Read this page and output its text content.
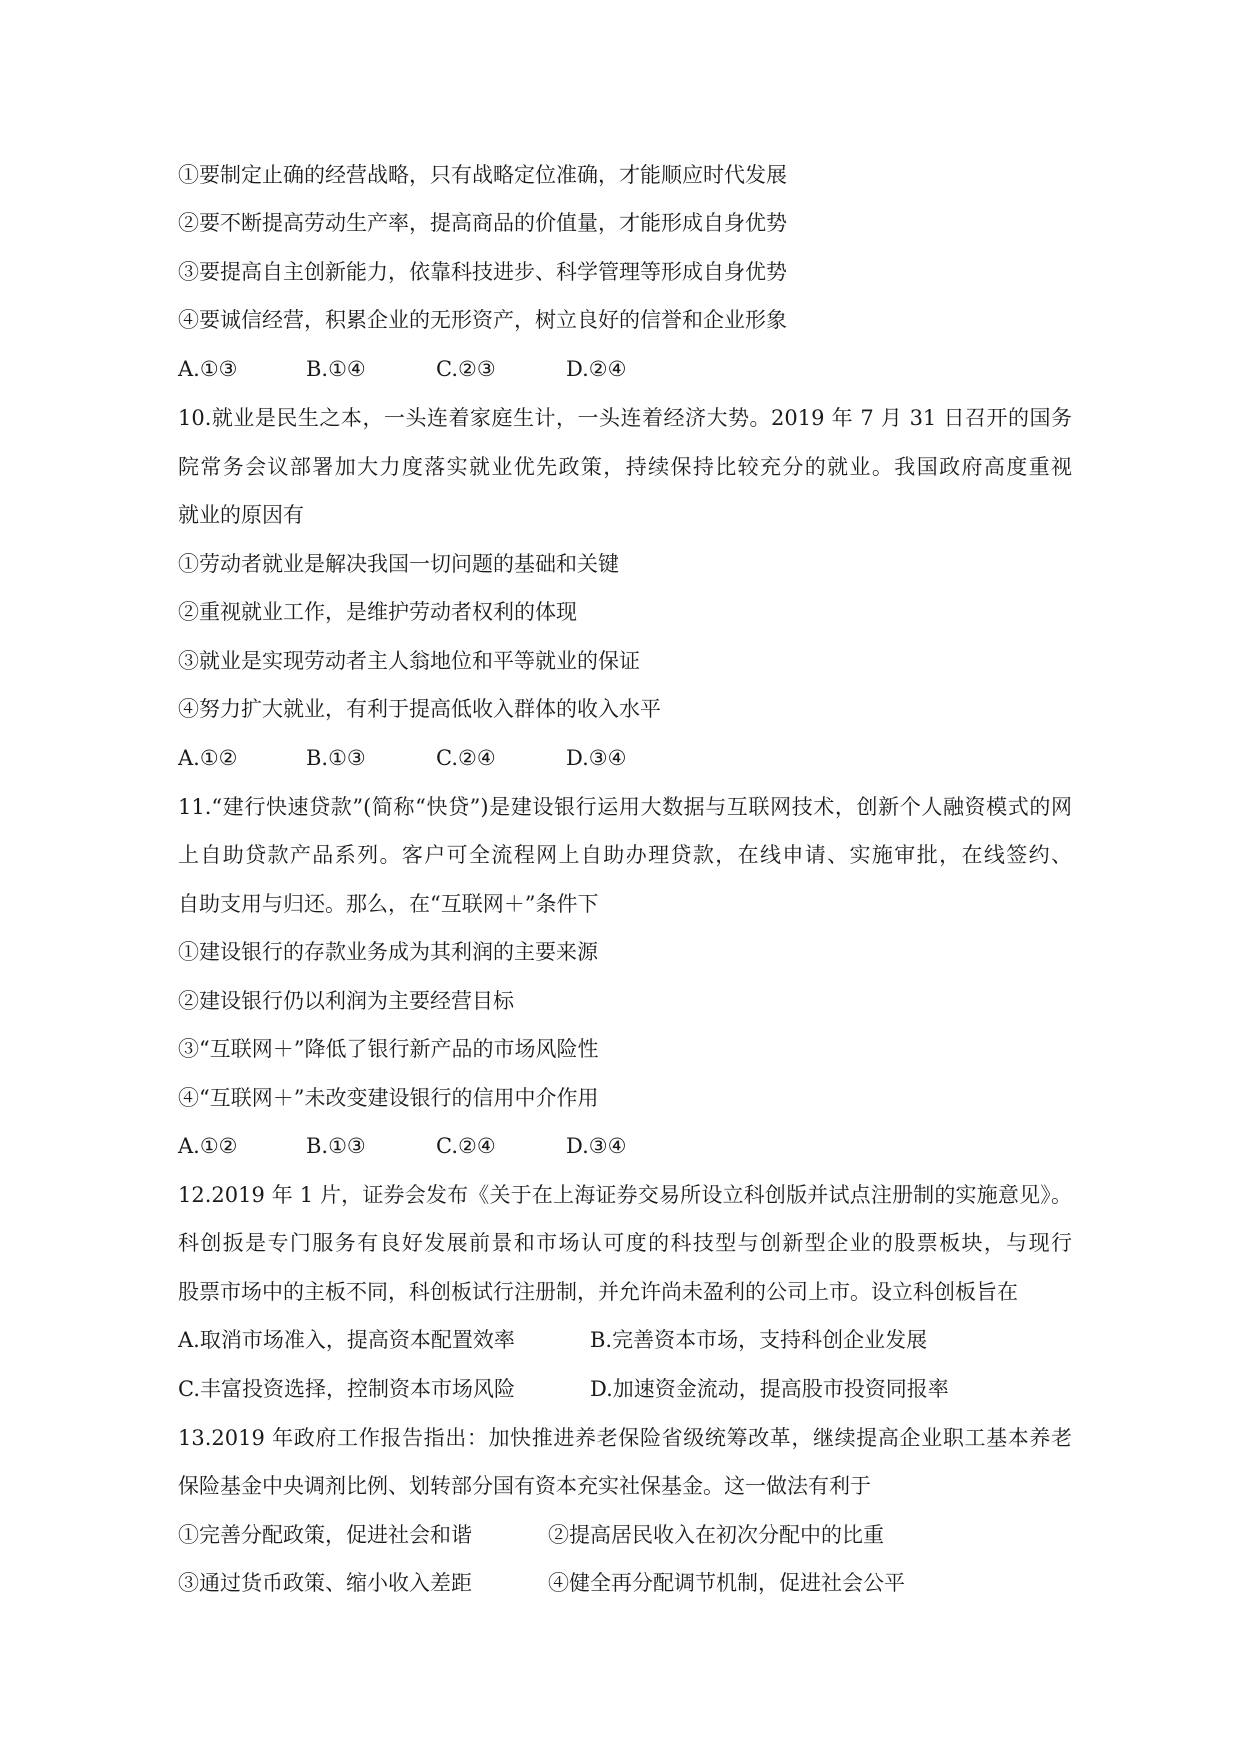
①要制定止确的经营战略，只有战略定位准确，才能顺应时代发展
②要不断提高劳动生产率，提高商品的价值量，才能形成自身优势
③要提高自主创新能力，依靠科技进步、科学管理等形成自身优势
④要诚信经营，积累企业的无形资产，树立良好的信誉和企业形象
A.①③	B.①④	C.②③	D.②④
10.就业是民生之本，一头连着家庭生计，一头连着经济大势。2019 年 7 月 31 日召开的国务
院常务会议部署加大力度落实就业优先政策，持续保持比较充分的就业。我国政府高度重视
就业的原因有
①劳动者就业是解决我国一切问题的基础和关键
②重视就业工作，是维护劳动者权利的体现
③就业是实现劳动者主人翁地位和平等就业的保证
④努力扩大就业，有利于提高低收入群体的收入水平
A.①②	B.①③	C.②④	D.③④
11.“建行快速贷款”(简称“快贷”)是建设银行运用大数据与互联网技术，创新个人融资模式的网
上自助贷款产品系列。客户可全流程网上自助办理贷款，在线申请、实施审批，在线签约、
自助支用与归还。那么，在“互联网＋”条件下
①建设银行的存款业务成为其利润的主要来源
②建设银行仍以利润为主要经营目标
③“互联网＋”降低了银行新产品的市场风险性
④“互联网＋”未改变建设银行的信用中介作用
A.①②	B.①③	C.②④	D.③④
12.2019 年 1 片，证券会发布《关于在上海证券交易所设立科创版并试点注册制的实施意见》。
科创扳是专门服务有良好发展前景和市场认可度的科技型与创新型企业的股票板块，与现行
股票市场中的主板不同，科创板试行注册制，并允许尚未盈利的公司上市。设立科创板旨在
A.取消市场准入，提高资本配置效率	B.完善资本市场，支持科创企业发展
C.丰富投资选择，控制资本市场风险	D.加速资金流动，提高股市投资同报率
13.2019 年政府工作报告指出：加快推进养老保险省级统筹改革，继续提高企业职工基本养老
保险基金中央调剂比例、划转部分国有资本充实社保基金。这一做法有利于
①完善分配政策，促进社会和谐	②提高居民收入在初次分配中的比重
③通过货币政策、缩小收入差距	④健全再分配调节机制，促进社会公平
